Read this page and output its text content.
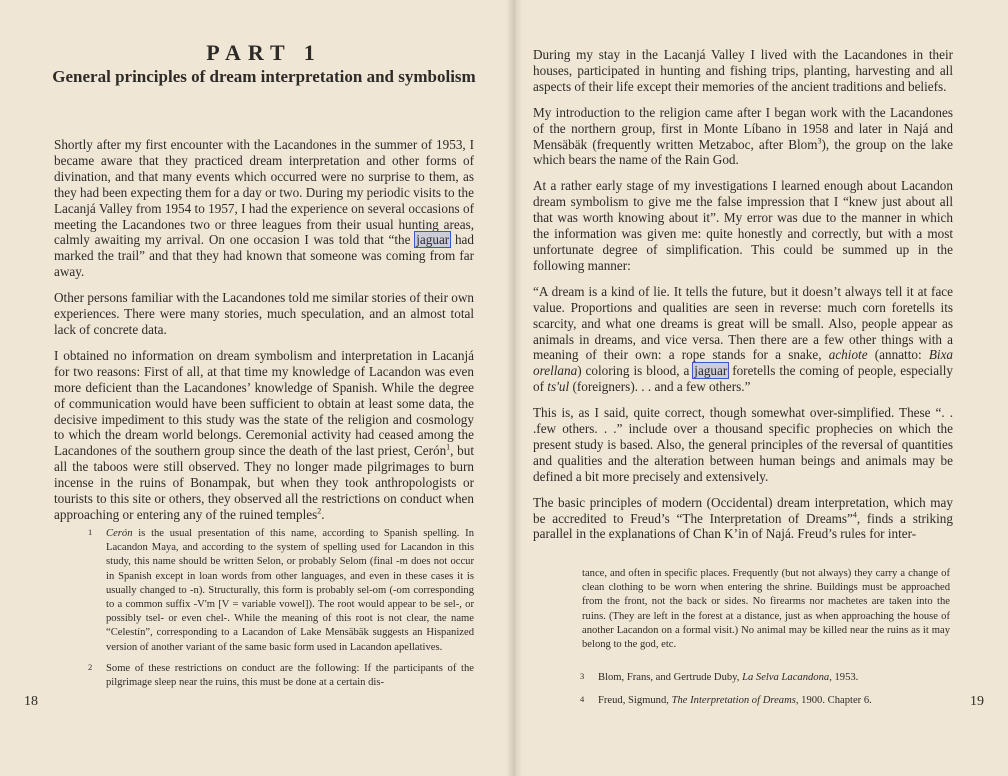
PART 1
General principles of dream interpretation and symbolism

Shortly after my first encounter with the Lacandones in the summer of 1953, I became aware that they practiced dream interpretation and other forms of divination, and that many events which occurred were no surprise to them, as they had been expecting them for a day or two. During my periodic visits to the Lacanjá Valley from 1954 to 1957, I had the experience on several occasions of meeting the Lacandones two or three leagues from their usual hunting areas, calmly awaiting my arrival. On one occasion I was told that “the jaguar had marked the trail” and that they had known that someone was coming from far away.

Other persons familiar with the Lacandones told me similar stories of their own experiences. There were many stories, much speculation, and an almost total lack of concrete data.

I obtained no information on dream symbolism and interpretation in Lacanjá for two reasons: First of all, at that time my knowledge of Lacandon was even more deficient than the Lacandones’ knowledge of Spanish. While the degree of communication would have been sufficient to obtain at least some data, the decisive impediment to this study was the state of the religion and cosmology to which the dream world belongs. Ceremonial activity had ceased among the Lacandones of the southern group since the death of the last priest, Cerón$^1$, but all the taboos were still observed. They no longer made pilgrimages to burn incense in the ruins of Bonampak, but when they took anthropologists or tourists to this site or others, they observed all the restrictions on conduct when approaching or entering any of the ruined temples$^2$.

1 Cerón is the usual presentation of this name, according to Spanish spelling. In Lacandon Maya, and according to the system of spelling used for Lacandon in this study, this name should be written Selon, or probably Selom (final -m does not occur in Spanish except in loan words from other languages, and even in these cases it is usually changed to -n). Structurally, this form is probably sel-om (-om corresponding to a common suffix -V'm [V = variable vowel]). The root would appear to be sel-, or possibly tsel- or even chel-. While the meaning of this root is not clear, the name “Celestín”, corresponding to a Lacandon of Lake Mensäbäk suggests an Hispanized version of another variant of the same basic form used in Lacandon apellatives.
2 Some of these restrictions on conduct are the following: If the participants of the pilgrimage sleep near the ruins, this must be done at a certain dis-
18

During my stay in the Lacanjá Valley I lived with the Lacandones in their houses, participated in hunting and fishing trips, planting, harvesting and all aspects of their life except their memories of the ancient traditions and beliefs.

My introduction to the religion came after I began work with the Lacandones of the northern group, first in Monte Líbano in 1958 and later in Najá and Mensäbäk (frequently written Metzaboc, after Blom$^3$), the group on the lake which bears the name of the Rain God.

At a rather early stage of my investigations I learned enough about Lacandon dream symbolism to give me the false impression that I “knew just about all that was worth knowing about it”. My error was due to the manner in which the information was given me: quite honestly and correctly, but with a most unfortunate degree of simplification. This could be summed up in the following manner:

“A dream is a kind of lie. It tells the future, but it doesn’t always tell it at face value. Proportions and qualities are seen in reverse: much corn foretells its scarcity, and what one dreams is great will be small. Also, people appear as animals in dreams, and vice versa. Then there are a few other things with a meaning of their own: a rope stands for a snake, achiote (annatto: Bixa orellana) coloring is blood, a jaguar foretells the coming of people, especially of ts'ul (foreigners). . . and a few others.”

This is, as I said, quite correct, though somewhat over-simplified. These “. . .few others. . .” include over a thousand specific prophecies on which the present study is based. Also, the general principles of the reversal of quantities and qualities and the alteration between human beings and animals may be defined a bit more precisely and extensively.

The basic principles of modern (Occidental) dream interpretation, which may be accredited to Freud’s “The Interpretation of Dreams”$^4$, finds a striking parallel in the explanations of Chan K’in of Najá. Freud’s rules for inter-

tance, and often in specific places. Frequently (but not always) they carry a change of clean clothing to be worn when entering the shrine. Buildings must be approached from the front, not the back or sides. No firearms nor machetes are taken into the ruins. (They are left in the forest at a distance, just as when approaching the house of another Lacandon on a formal visit.) No animal may be killed near the ruins as it may belong to the god, etc.
3 Blom, Frans, and Gertrude Duby, La Selva Lacandona, 1953.
4 Freud, Sigmund, The Interpretation of Dreams, 1900. Chapter 6.	19
